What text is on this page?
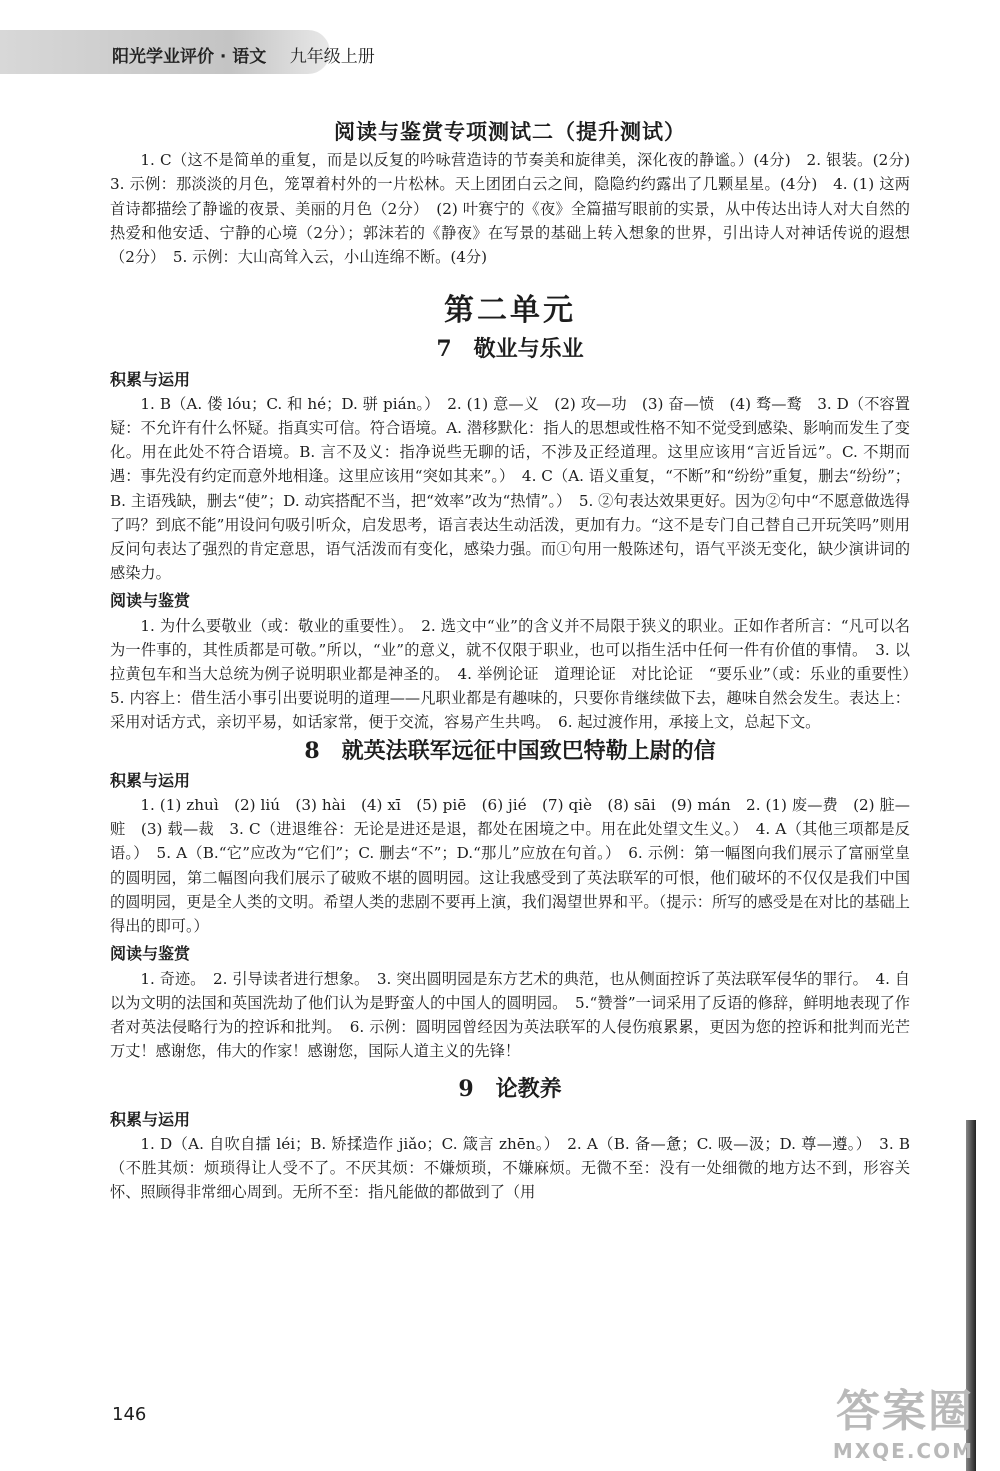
阳光学业评价 · 语文 九年级上册
阅读与鉴赏专项测试二（提升测试）

1. C（这不是简单的重复，而是以反复的吟咏营造诗的节奏美和旋律美，深化夜的静谧。）(4分)　2. 银装。(2分)　3. 示例：那淡淡的月色，笼罩着村外的一片松林。天上团团白云之间，隐隐约约露出了几颗星星。(4分)　4. (1) 这两首诗都描绘了静谧的夜景、美丽的月色（2分）　(2) 叶赛宁的《夜》全篇描写眼前的实景，从中传达出诗人对大自然的热爱和他安适、宁静的心境（2分）；郭沫若的《静夜》在写景的基础上转入想象的世界，引出诗人对神话传说的遐想（2分）　5. 示例：大山高耸入云，小山连绵不断。(4分)

第二单元
7 敬业与乐业
积累与运用

1. B（A. 偻 lóu；C. 和 hé；D. 骈 pián。）　2. (1) 意—义　(2) 攻—功　(3) 奋—愤　(4) 骛—鹜　3. D（不容置疑：不允许有什么怀疑。指真实可信。符合语境。A. 潜移默化：指人的思想或性格不知不觉受到感染、影响而发生了变化。用在此处不符合语境。B. 言不及义：指净说些无聊的话，不涉及正经道理。这里应该用“言近旨远”。C. 不期而遇：事先没有约定而意外地相逢。这里应该用“突如其来”。）　4. C（A. 语义重复，“不断”和“纷纷”重复，删去“纷纷”；B. 主语残缺，删去“使”；D. 动宾搭配不当，把“效率”改为“热情”。）　5. ②句表达效果更好。因为②句中“不愿意做选得了吗？到底不能”用设问句吸引听众，启发思考，语言表达生动活泼，更加有力。“这不是专门自己替自己开玩笑吗”则用反问句表达了强烈的肯定意思，语气活泼而有变化，感染力强。而①句用一般陈述句，语气平淡无变化，缺少演讲词的感染力。

阅读与鉴赏

1. 为什么要敬业（或：敬业的重要性）。　2. 选文中“业”的含义并不局限于狭义的职业。正如作者所言：“凡可以名为一件事的，其性质都是可敬。”所以，“业”的意义，就不仅限于职业，也可以指生活中任何一件有价值的事情。　3. 以拉黄包车和当大总统为例子说明职业都是神圣的。　4. 举例论证　道理论证　对比论证　“要乐业”（或：乐业的重要性）　5. 内容上：借生活小事引出要说明的道理——凡职业都是有趣味的，只要你肯继续做下去，趣味自然会发生。表达上：采用对话方式，亲切平易，如话家常，便于交流，容易产生共鸣。　6. 起过渡作用，承接上文，总起下文。

8 就英法联军远征中国致巴特勒上尉的信
积累与运用

1. (1) zhuì　(2) liú　(3) hài　(4) xī　(5) piē　(6) jié　(7) qiè　(8) sāi　(9) mán　2. (1) 废—费　(2) 脏—赃　(3) 载—裁　3. C（进退维谷：无论是进还是退，都处在困境之中。用在此处望文生义。）　4. A（其他三项都是反语。）　5. A（B.“它”应改为“它们”；C. 删去“不”；D.“那儿”应放在句首。）　6. 示例：第一幅图向我们展示了富丽堂皇的圆明园，第二幅图向我们展示了破败不堪的圆明园。这让我感受到了英法联军的可恨，他们破坏的不仅仅是我们中国的圆明园，更是全人类的文明。希望人类的悲剧不要再上演，我们渴望世界和平。（提示：所写的感受是在对比的基础上得出的即可。）

阅读与鉴赏

1. 奇迹。　2. 引导读者进行想象。　3. 突出圆明园是东方艺术的典范，也从侧面控诉了英法联军侵华的罪行。　4. 自以为文明的法国和英国洗劫了他们认为是野蛮人的中国人的圆明园。　5.“赞誉”一词采用了反语的修辞，鲜明地表现了作者对英法侵略行为的控诉和批判。　6. 示例：圆明园曾经因为英法联军的人侵伤痕累累，更因为您的控诉和批判而光芒万丈！感谢您，伟大的作家！感谢您，国际人道主义的先锋！

9 论教养
积累与运用

1. D（A. 自吹自擂 léi；B. 矫揉造作 jiǎo；C. 箴言 zhēn。）　2. A（B. 备—惫；C. 吸—汲；D. 尊—遵。）　3. B（不胜其烦：烦琐得让人受不了。不厌其烦：不嫌烦琐，不嫌麻烦。无微不至：没有一处细微的地方达不到，形容关怀、照顾得非常细心周到。无所不至：指凡能做的都做到了（用

146	答案圈
MXQE.COM
